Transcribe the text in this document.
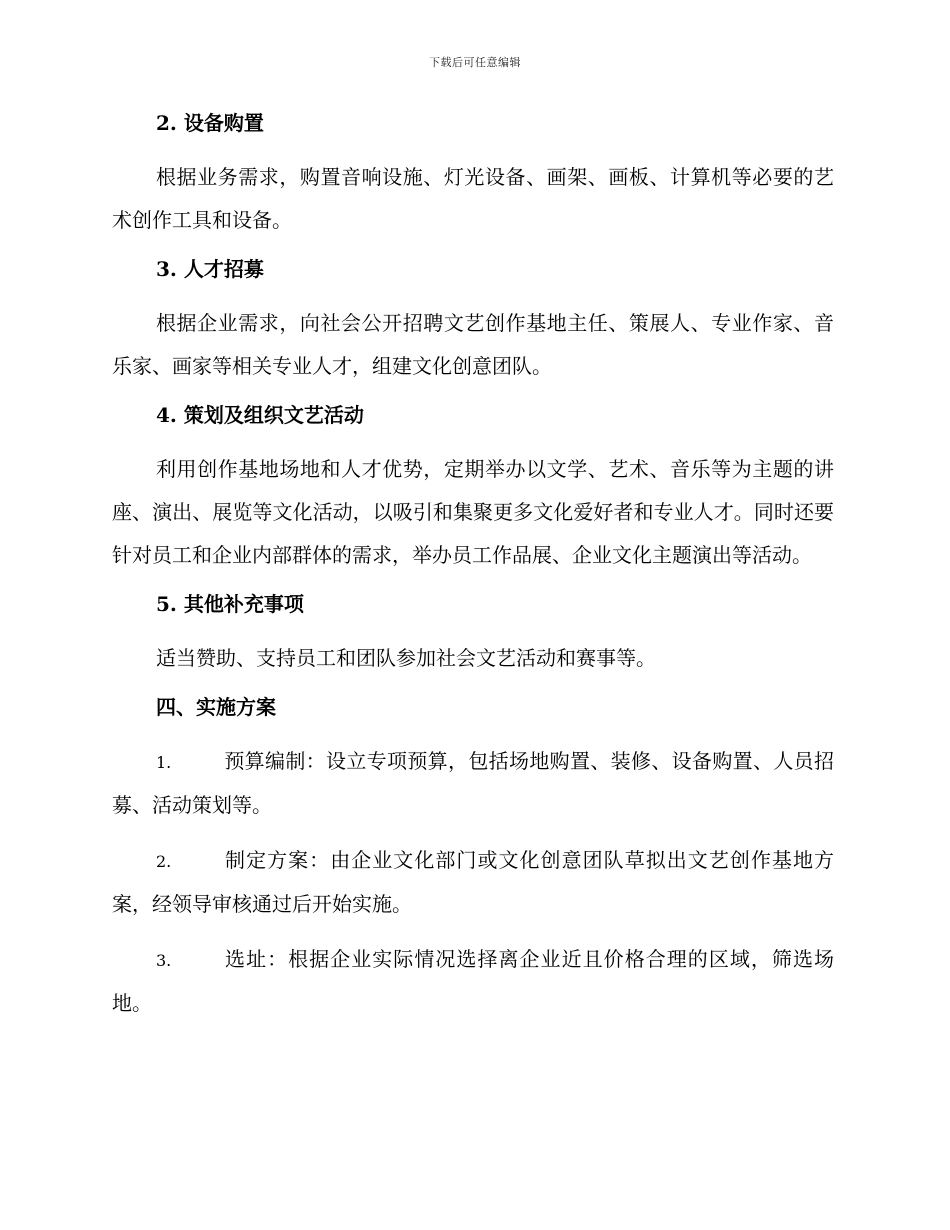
下载后可任意编辑
2. 设备购置

根据业务需求，购置音响设施、灯光设备、画架、画板、计算机等必要的艺术创作工具和设备。

3. 人才招募

根据企业需求，向社会公开招聘文艺创作基地主任、策展人、专业作家、音乐家、画家等相关专业人才，组建文化创意团队。

4. 策划及组织文艺活动

利用创作基地场地和人才优势，定期举办以文学、艺术、音乐等为主题的讲座、演出、展览等文化活动，以吸引和集聚更多文化爱好者和专业人才。同时还要针对员工和企业内部群体的需求，举办员工作品展、企业文化主题演出等活动。

5. 其他补充事项

适当赞助、支持员工和团队参加社会文艺活动和赛事等。

四、实施方案

1.	预算编制：设立专项预算，包括场地购置、装修、设备购置、人员招募、活动策划等。

2.	制定方案：由企业文化部门或文化创意团队草拟出文艺创作基地方案，经领导审核通过后开始实施。

3.	选址：根据企业实际情况选择离企业近且价格合理的区域，筛选场地。
